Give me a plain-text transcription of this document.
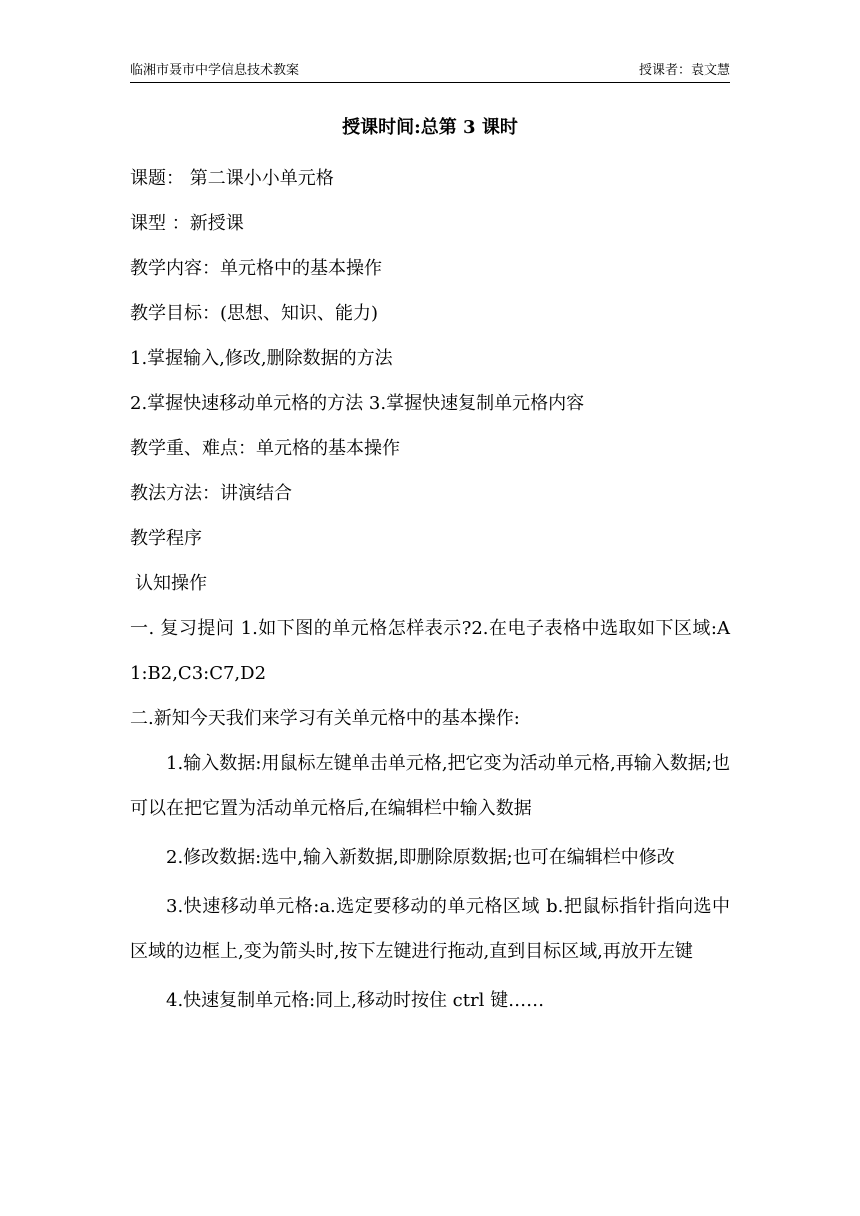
临湘市聂市中学信息技术教案	授课者：袁文慧
授课时间:总第 3 课时
课题： 第二课小小单元格
课型 ：新授课
教学内容：单元格中的基本操作
教学目标：(思想、知识、能力)
1.掌握输入,修改,删除数据的方法
2.掌握快速移动单元格的方法 3.掌握快速复制单元格内容
教学重、难点：单元格的基本操作
教法方法：讲演结合
教学程序
认知操作
一. 复习提问 1.如下图的单元格怎样表示?2.在电子表格中选取如下区域:A1:B2,C3:C7,D2
二.新知今天我们来学习有关单元格中的基本操作:
1.输入数据:用鼠标左键单击单元格,把它变为活动单元格,再输入数据;也可以在把它置为活动单元格后,在编辑栏中输入数据
2.修改数据:选中,输入新数据,即删除原数据;也可在编辑栏中修改
3.快速移动单元格:a.选定要移动的单元格区域 b.把鼠标指针指向选中区域的边框上,变为箭头时,按下左键进行拖动,直到目标区域,再放开左键
4.快速复制单元格:同上,移动时按住 ctrl 键……
